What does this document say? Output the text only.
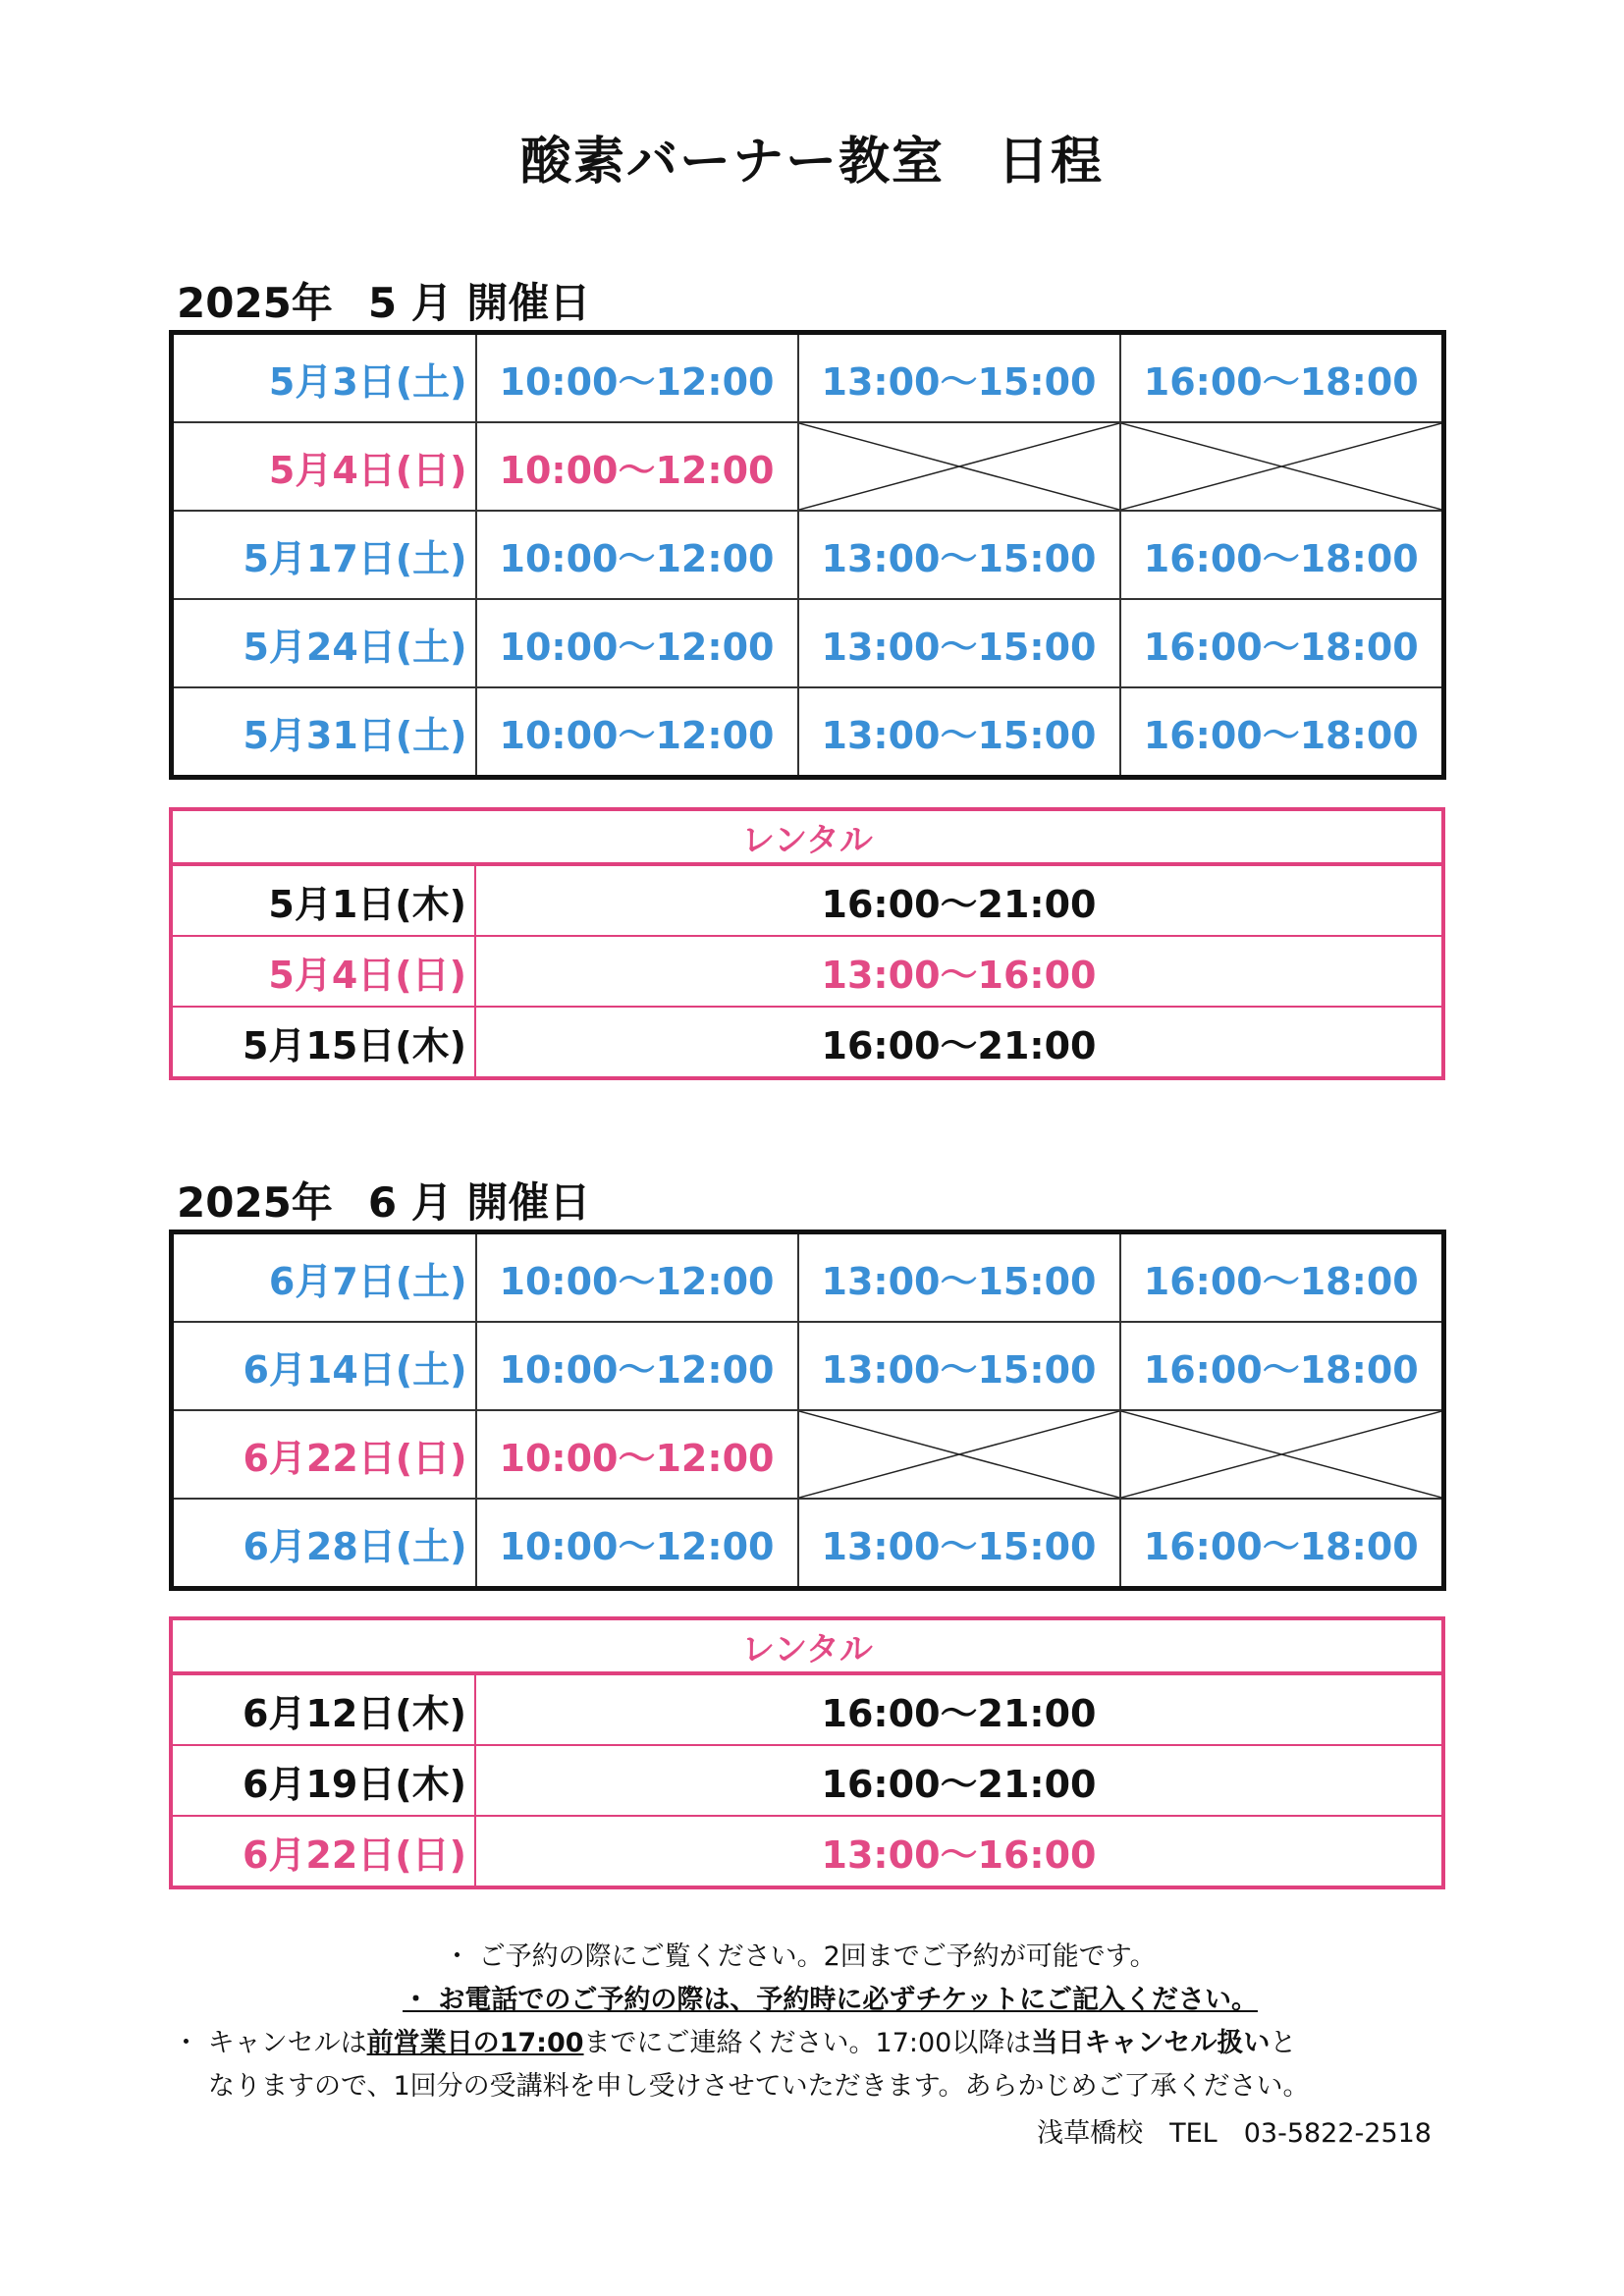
酸素バーナー教室　日程
2025年 5 月 開催日
5月3日(土)	10:00〜12:00	13:00〜15:00	16:00〜18:00
5月4日(日)	10:00〜12:00	

5月17日(土)	10:00〜12:00	13:00〜15:00	16:00〜18:00
5月24日(土)	10:00〜12:00	13:00〜15:00	16:00〜18:00
5月31日(土)	10:00〜12:00	13:00〜15:00	16:00〜18:00
レンタル	
5月1日(木)	16:00〜21:00
5月4日(日)	13:00〜16:00
5月15日(木)	16:00〜21:00
2025年 6 月 開催日
6月7日(土)	10:00〜12:00	13:00〜15:00	16:00〜18:00
6月14日(土)	10:00〜12:00	13:00〜15:00	16:00〜18:00
6月22日(日)	10:00〜12:00	

6月28日(土)	10:00〜12:00	13:00〜15:00	16:00〜18:00
レンタル	
6月12日(木)	16:00〜21:00
6月19日(木)	16:00〜21:00
6月22日(日)	13:00〜16:00
・ ご予約の際にご覧ください。2回までご予約が可能です。
・ お電話でのご予約の際は、予約時に必ずチケットにご記入ください。
・ キャンセルは前営業日の17:00までにご連絡ください。17:00以降は当日キャンセル扱いと
なりますので、1回分の受講料を申し受けさせていただきます。あらかじめご了承ください。
浅草橋校　TEL　03-5822-2518
